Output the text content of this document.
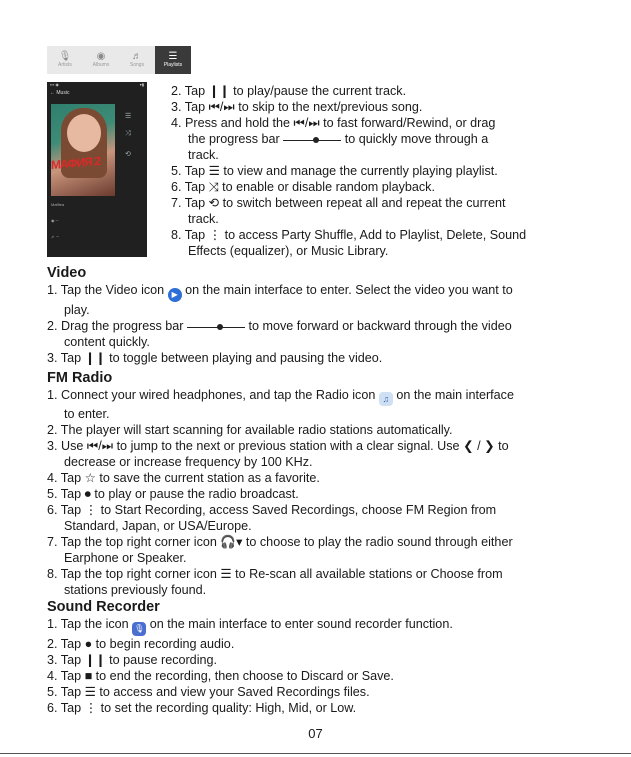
🎙
Artists
◉
Albums
♬
Songs
☰
Playlists
▪▪▪ ◉	▾▮
← Music
МАФИЯ 2
☰
⤨
⟲
Maffiea
◉ ─
♬ ─
2. Tap ❙❙ to play/pause the current track.
3. Tap ⏮/⏭ to skip to the next/previous song.
4. Press and hold the ⏮/⏭ to fast forward/Rewind, or drag
the progress bar	to quickly move through a
track.
5. Tap ☰ to view and manage the currently playing playlist.
6. Tap ⤨ to enable or disable random playback.
7. Tap ⟲ to switch between repeat all and repeat the current
track.
8. Tap ⋮ to access Party Shuffle, Add to Playlist, Delete, Sound
Effects (equalizer), or Music Library.
Video
1. Tap the Video icon ▶ on the main interface to enter. Select the video you want to
play.
2. Drag the progress bar	to move forward or backward through the video
content quickly.
3. Tap ❙❙ to toggle between playing and pausing the video.
FM Radio
1. Connect your wired headphones, and tap the Radio icon ♫ on the main interface
to enter.
2. The player will start scanning for available radio stations automatically.
3. Use ⏮/⏭ to jump to the next or previous station with a clear signal. Use ❮ / ❯ to
decrease or increase frequency by 100 KHz.
4. Tap ☆ to save the current station as a favorite.
5. Tap ⏺ to play or pause the radio broadcast.
6. Tap ⋮ to Start Recording, access Saved Recordings, choose FM Region from
Standard, Japan, or USA/Europe.
7. Tap the top right corner icon 🎧▾ to choose to play the radio sound through either
Earphone or Speaker.
8. Tap the top right corner icon ☰ to Re-scan all available stations or Choose from
stations previously found.
Sound Recorder
1. Tap the icon 🎙 on the main interface to enter sound recorder function.
2. Tap ● to begin recording audio.
3. Tap ❙❙ to pause recording.
4. Tap ■ to end the recording, then choose to Discard or Save.
5. Tap ☰ to access and view your Saved Recordings files.
6. Tap ⋮ to set the recording quality: High, Mid, or Low.
07
